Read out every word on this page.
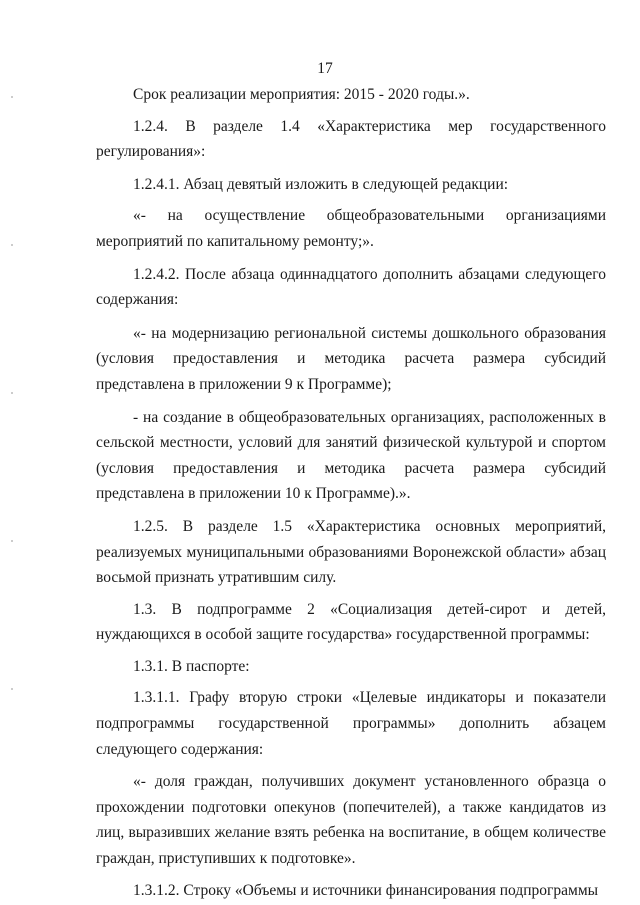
17

Срок реализации мероприятия: 2015 - 2020 годы.».

1.2.4. В разделе 1.4 «Характеристика мер государственного регулирования»:

1.2.4.1. Абзац девятый изложить в следующей редакции:

«- на осуществление общеобразовательными организациями мероприятий по капитальному ремонту;».

1.2.4.2. После абзаца одиннадцатого дополнить абзацами следующего содержания:

«- на модернизацию региональной системы дошкольного образования (условия предоставления и методика расчета размера субсидий представлена в приложении 9 к Программе);

- на создание в общеобразовательных организациях, расположенных в сельской местности, условий для занятий физической культурой и спортом (условия предоставления и методика расчета размера субсидий представлена в приложении 10 к Программе).».

1.2.5. В разделе 1.5 «Характеристика основных мероприятий, реализуемых муниципальными образованиями Воронежской области» абзац восьмой признать утратившим силу.

1.3. В подпрограмме 2 «Социализация детей-сирот и детей, нуждающихся в особой защите государства» государственной программы:

1.3.1. В паспорте:

1.3.1.1. Графу вторую строки «Целевые индикаторы и показатели подпрограммы государственной программы» дополнить абзацем следующего содержания:

«- доля граждан, получивших документ установленного образца о прохождении подготовки опекунов (попечителей), а также кандидатов из лиц, выразивших желание взять ребенка на воспитание, в общем количестве граждан, приступивших к подготовке».

1.3.1.2. Строку «Объемы и источники финансирования подпрограммы
